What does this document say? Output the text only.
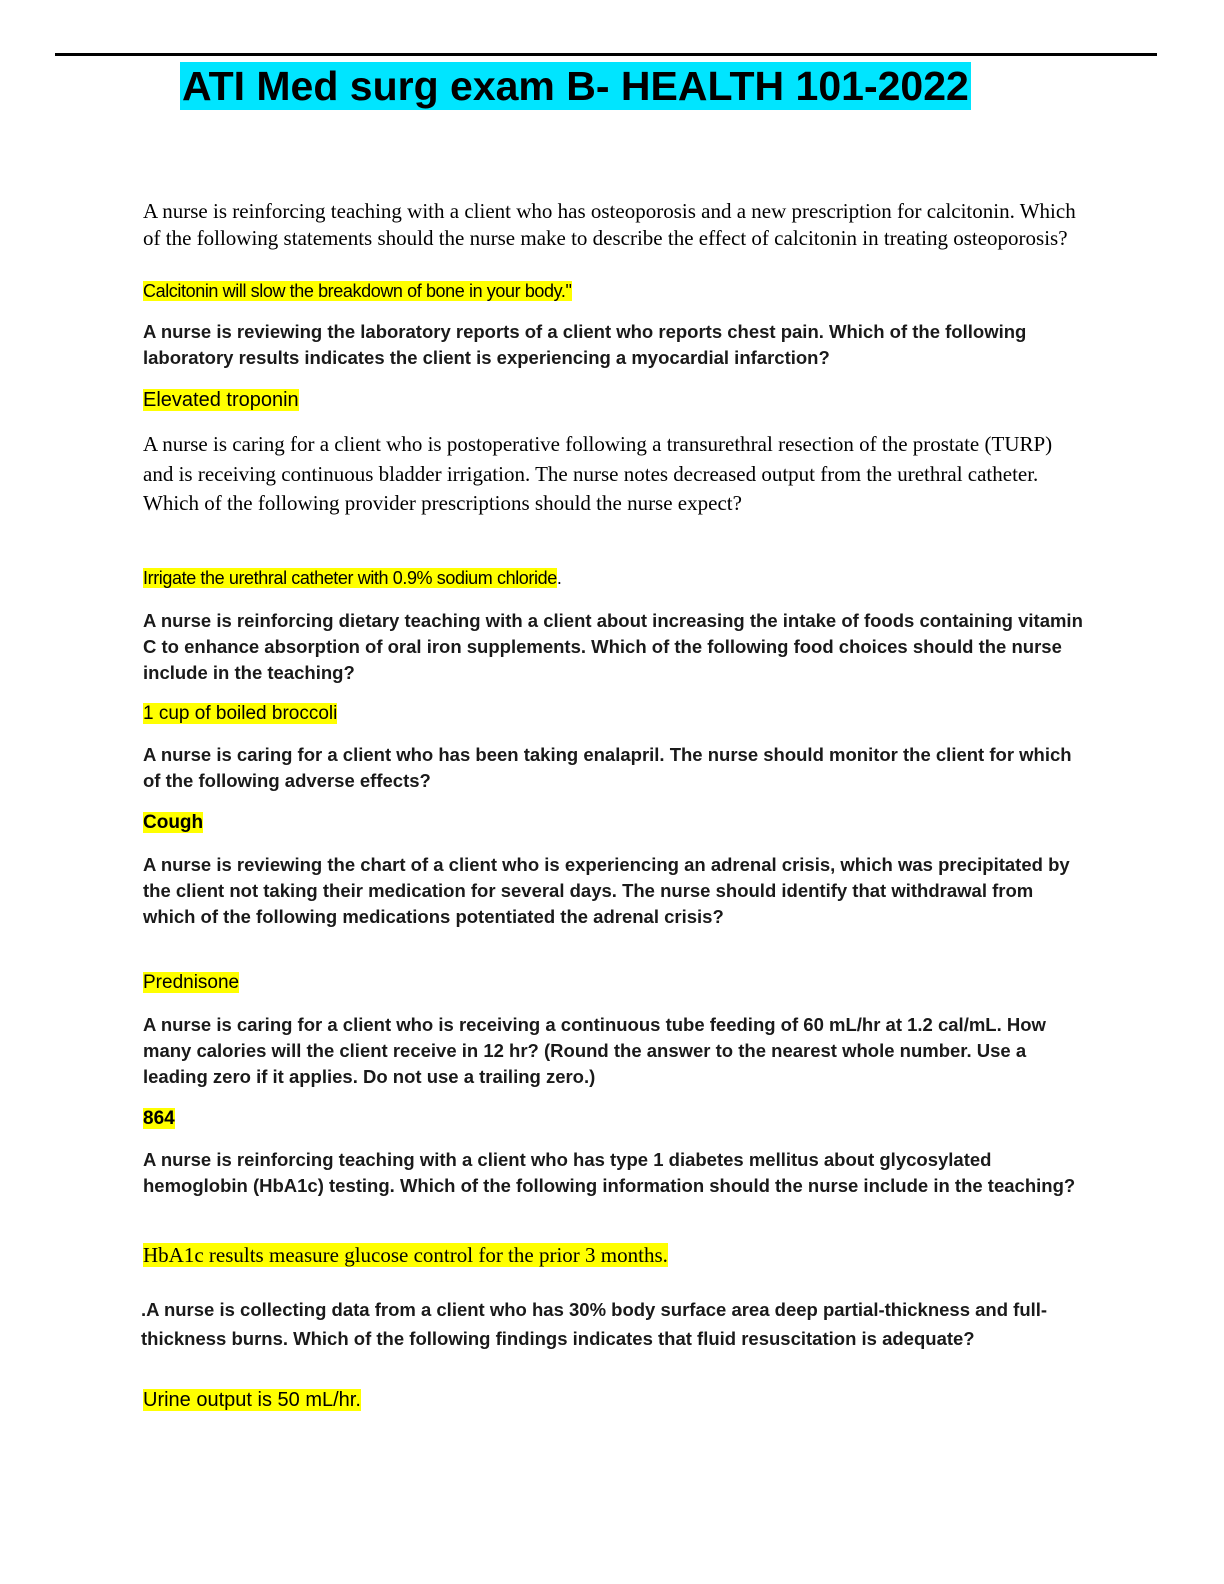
ATI Med surg exam B- HEALTH 101-2022

A nurse is reinforcing teaching with a client who has osteoporosis and a new prescription for calcitonin. Which of the following statements should the nurse make to describe the effect of calcitonin in treating osteoporosis?

Calcitonin will slow the breakdown of bone in your body."

A nurse is reviewing the laboratory reports of a client who reports chest pain. Which of the following laboratory results indicates the client is experiencing a myocardial infarction?

Elevated troponin

A nurse is caring for a client who is postoperative following a transurethral resection of the prostate (TURP) and is receiving continuous bladder irrigation. The nurse notes decreased output from the urethral catheter. Which of the following provider prescriptions should the nurse expect?

Irrigate the urethral catheter with 0.9% sodium chloride.

A nurse is reinforcing dietary teaching with a client about increasing the intake of foods containing vitamin C to enhance absorption of oral iron supplements. Which of the following food choices should the nurse include in the teaching?

1 cup of boiled broccoli

A nurse is caring for a client who has been taking enalapril. The nurse should monitor the client for which of the following adverse effects?

Cough

A nurse is reviewing the chart of a client who is experiencing an adrenal crisis, which was precipitated by the client not taking their medication for several days. The nurse should identify that withdrawal from which of the following medications potentiated the adrenal crisis?

Prednisone

A nurse is caring for a client who is receiving a continuous tube feeding of 60 mL/hr at 1.2 cal/mL. How many calories will the client receive in 12 hr? (Round the answer to the nearest whole number. Use a leading zero if it applies. Do not use a trailing zero.)

864

A nurse is reinforcing teaching with a client who has type 1 diabetes mellitus about glycosylated hemoglobin (HbA1c) testing. Which of the following information should the nurse include in the teaching?

HbA1c results measure glucose control for the prior 3 months.

.A nurse is collecting data from a client who has 30% body surface area deep partial-thickness and full-thickness burns. Which of the following findings indicates that fluid resuscitation is adequate?

Urine output is 50 mL/hr.
